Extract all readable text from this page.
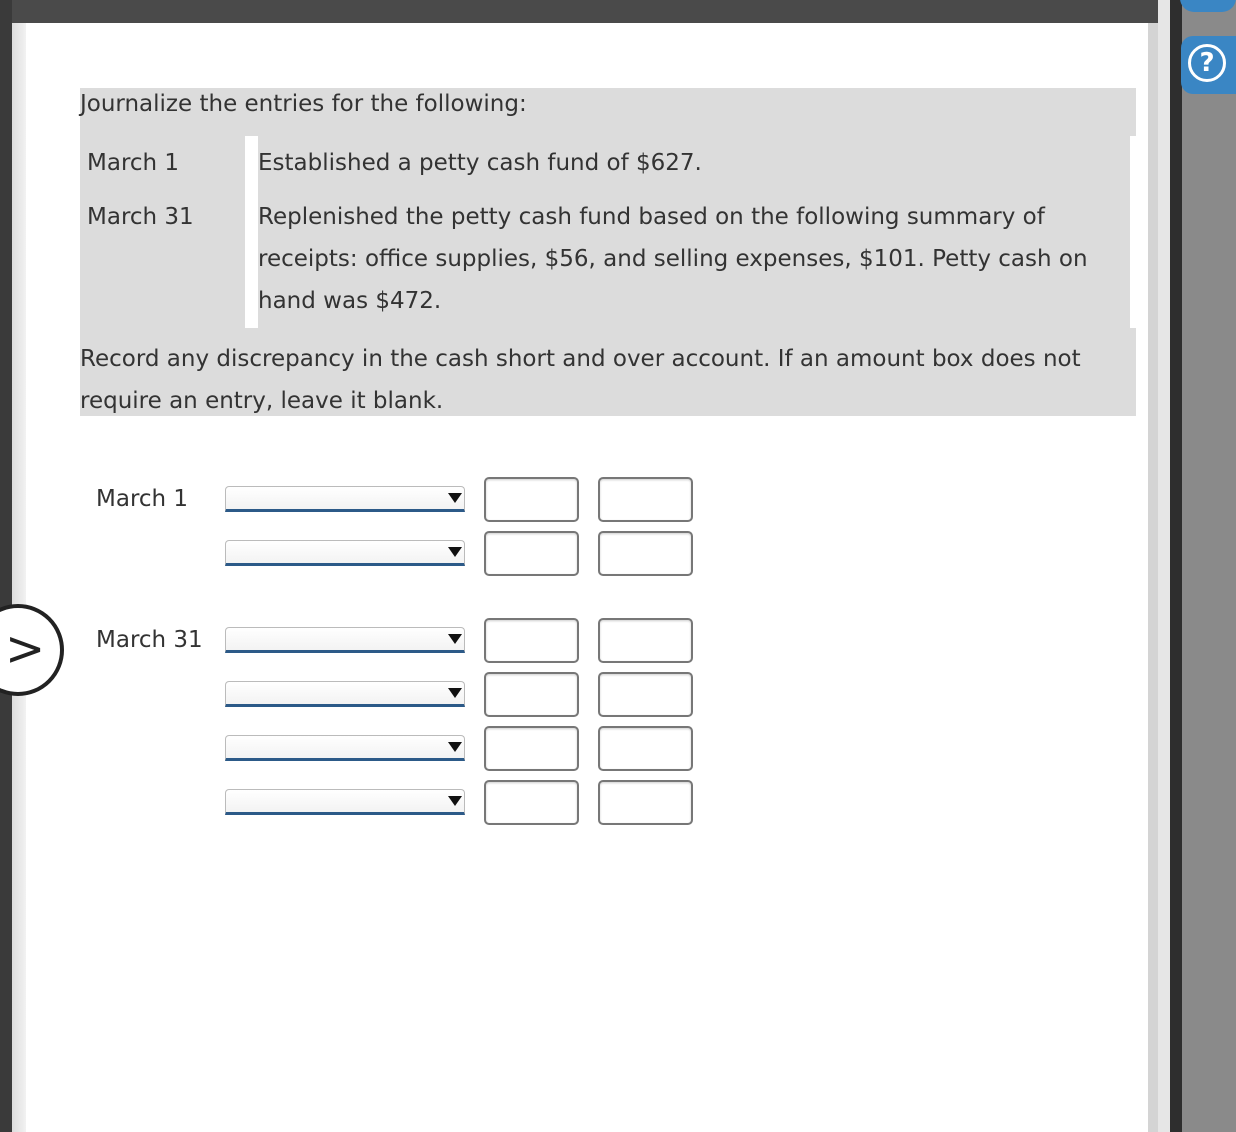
?
Journalize the entries for the following:
March 1	Established a petty cash fund of $627.
March 31	Replenished the petty cash fund based on the following summary of receipts: office supplies, $56, and selling expenses, $101. Petty cash on hand was $472.
Record any discrepancy in the cash short and over account. If an amount box does not require an entry, leave it blank.
March 1
March 31
>
